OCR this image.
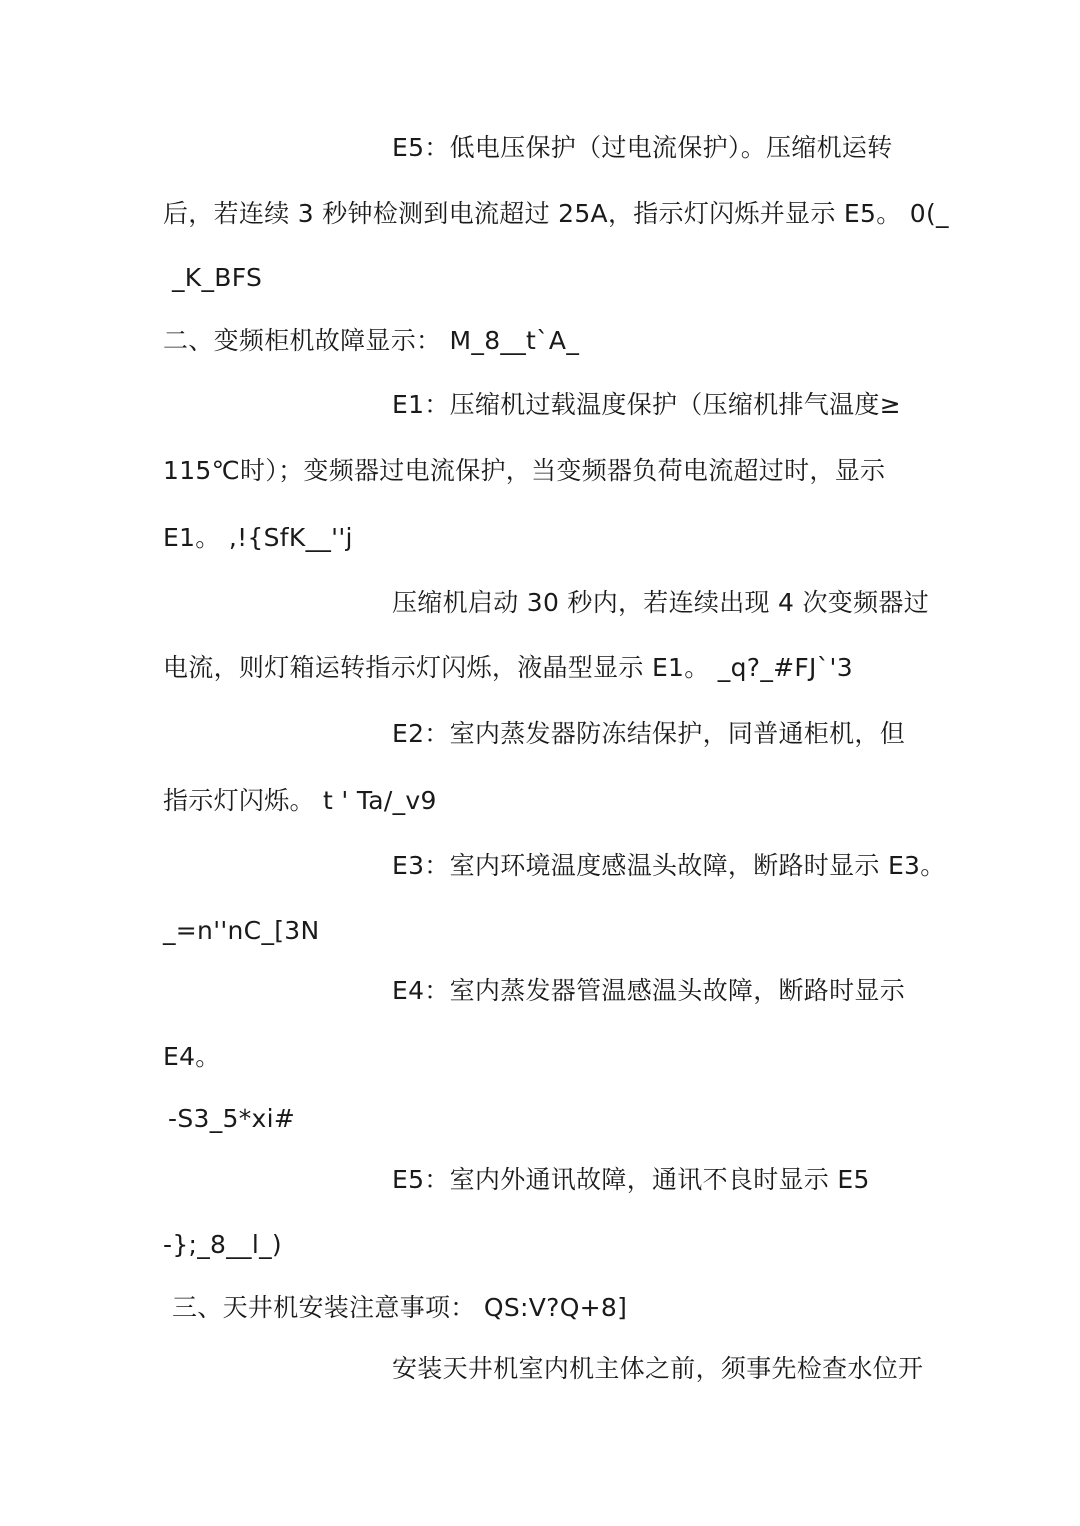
E5：低电压保护（过电流保护）。压缩机运转

后，若连续 3 秒钟检测到电流超过 25A，指示灯闪烁并显示 E5。 0(_

_K_BFS

二、变频柜机故障显示： M_8__t`A_

E1：压缩机过载温度保护（压缩机排气温度≥

115℃时）；变频器过电流保护，当变频器负荷电流超过时，显示

E1。 ,!{SfK__''j

压缩机启动 30 秒内，若连续出现 4 次变频器过

电流，则灯箱运转指示灯闪烁，液晶型显示 E1。 _q?_#FJ`'3

E2：室内蒸发器防冻结保护，同普通柜机，但

指示灯闪烁。 t ' Ta/_v9

E3：室内环境温度感温头故障，断路时显示 E3。

_=n''nC_[3N

E4：室内蒸发器管温感温头故障，断路时显示

E4。

-S3_5*xi#

E5：室内外通讯故障，通讯不良时显示 E5

-};_8__l_)

三、天井机安装注意事项： QS:V?Q+8]

安装天井机室内机主体之前，须事先检查水位开
